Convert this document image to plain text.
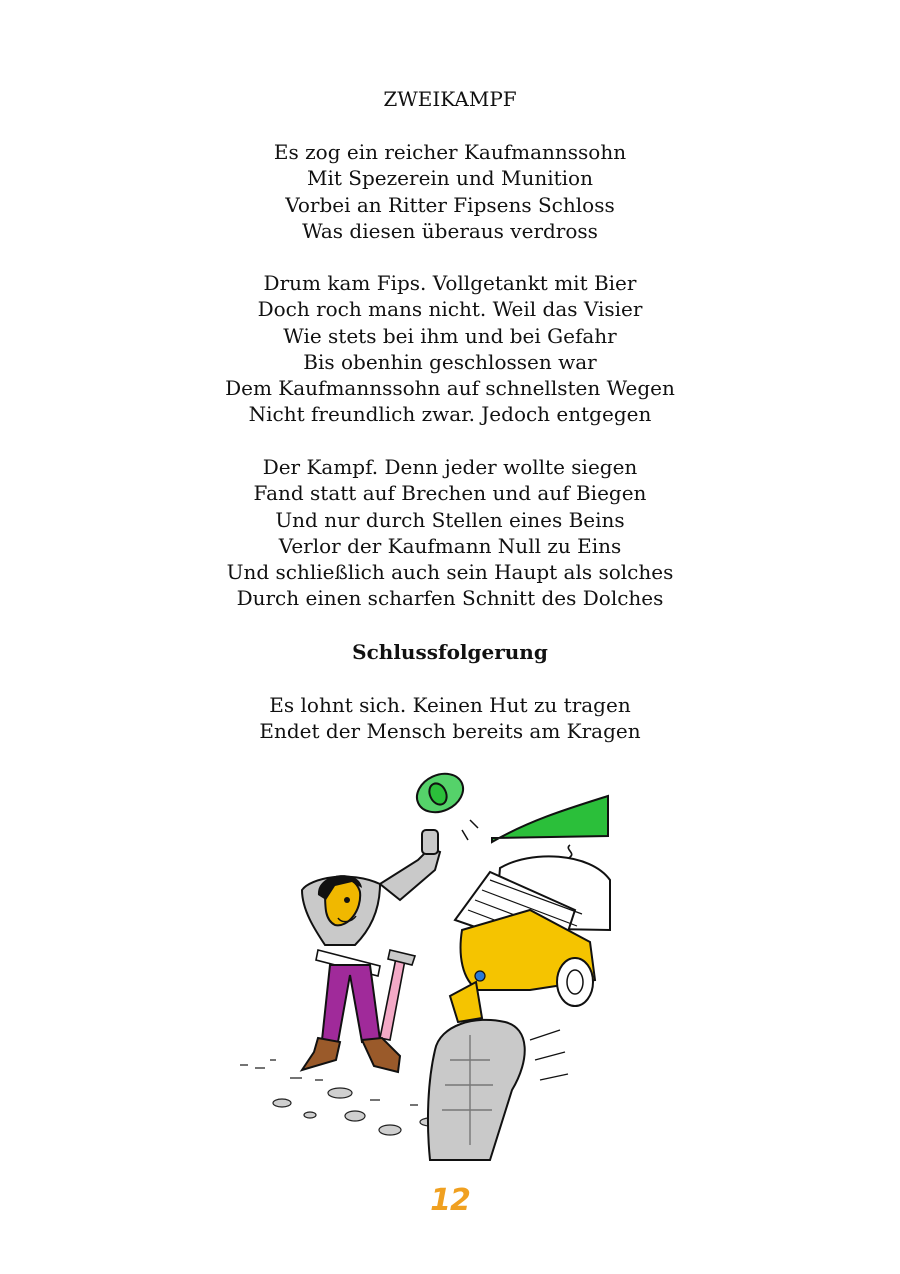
ZWEIKAMPF
Es zog ein reicher Kaufmannssohn
Mit Spezerein und Munition
Vorbei an Ritter Fipsens Schloss
Was diesen überaus verdross
Drum kam Fips. Vollgetankt mit Bier
Doch roch mans nicht. Weil das Visier
Wie stets bei ihm und bei Gefahr
Bis obenhin geschlossen war
Dem Kaufmannssohn auf schnellsten Wegen
Nicht freundlich zwar. Jedoch entgegen
Der Kampf. Denn jeder wollte siegen
Fand statt auf Brechen und auf Biegen
Und nur durch Stellen eines Beins
Verlor der Kaufmann Null zu Eins
Und schließlich auch sein Haupt als solches
Durch einen scharfen Schnitt des Dolches
Schlussfolgerung
Es lohnt sich. Keinen Hut zu tragen
Endet der Mensch bereits am Kragen
12
